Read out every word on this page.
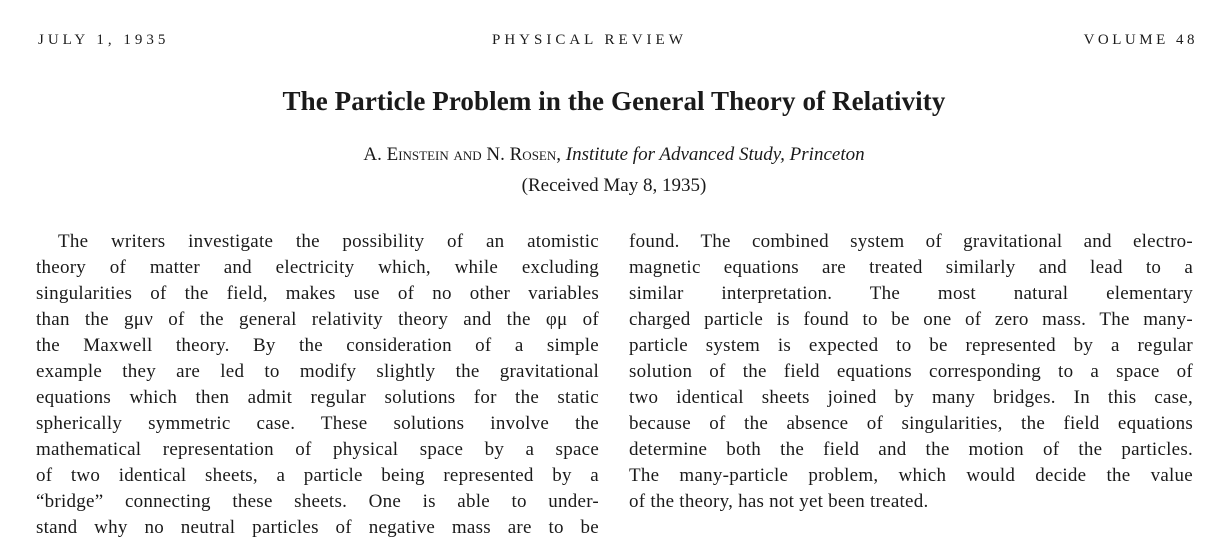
JULY 1, 1935	PHYSICAL REVIEW	VOLUME 48
The Particle Problem in the General Theory of Relativity
A. Einstein and N. Rosen, Institute for Advanced Study, Princeton
(Received May 8, 1935)
The writers investigate the possibility of an atomistic
theory of matter and electricity which, while excluding
singularities of the field, makes use of no other variables
than the gμν of the general relativity theory and the φμ of
the Maxwell theory. By the consideration of a simple
example they are led to modify slightly the gravitational
equations which then admit regular solutions for the static
spherically symmetric case. These solutions involve the
mathematical representation of physical space by a space
of two identical sheets, a particle being represented by a
“bridge” connecting these sheets. One is able to under-
stand why no neutral particles of negative mass are to be
found. The combined system of gravitational and electro-
magnetic equations are treated similarly and lead to a
similar interpretation. The most natural elementary
charged particle is found to be one of zero mass. The many-
particle system is expected to be represented by a regular
solution of the field equations corresponding to a space of
two identical sheets joined by many bridges. In this case,
because of the absence of singularities, the field equations
determine both the field and the motion of the particles.
The many-particle problem, which would decide the value
of the theory, has not yet been treated.
